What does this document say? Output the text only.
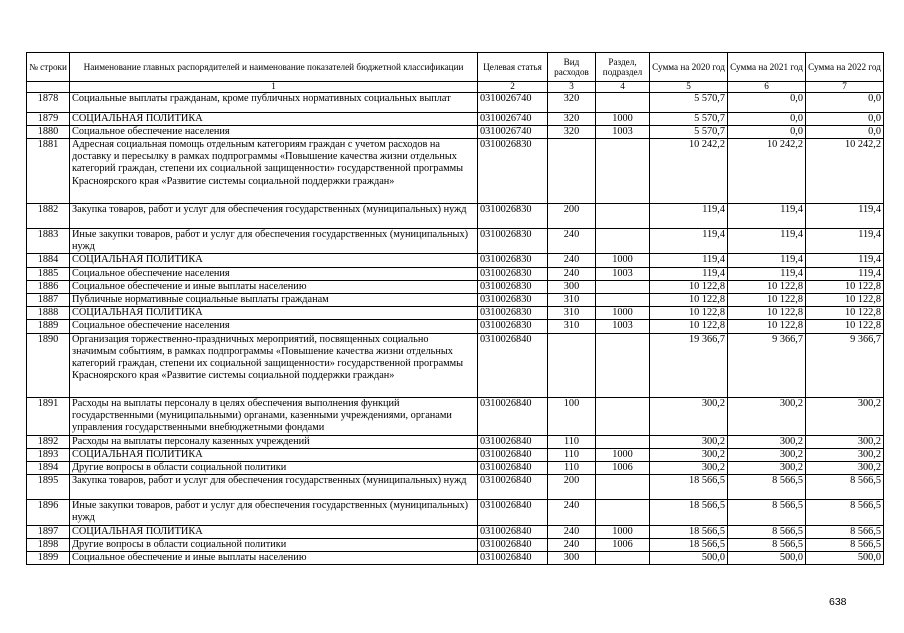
№ строки	Наименование главных распорядителей и наименование показателей бюджетной классификации	Целевая статья	Вид расходов	Раздел, подраздел	Сумма на 2020 год	Сумма на 2021 год	Сумма на 2022 год
	1	2	3	4	5	6	7
1878	Социальные выплаты гражданам, кроме публичных нормативных социальных выплат	0310026740	320		5 570,7	0,0	0,0
1879	СОЦИАЛЬНАЯ ПОЛИТИКА	0310026740	320	1000	5 570,7	0,0	0,0
1880	Социальное обеспечение населения	0310026740	320	1003	5 570,7	0,0	0,0
1881	Адресная социальная помощь отдельным категориям граждан с учетом расходов на доставку и пересылку в рамках подпрограммы «Повышение качества жизни отдельных категорий граждан, степени их социальной защищенности» государственной программы Красноярского края «Развитие системы социальной поддержки граждан»	0310026830			10 242,2	10 242,2	10 242,2
1882	Закупка товаров, работ и услуг для обеспечения государственных (муниципальных) нужд	0310026830	200		119,4	119,4	119,4
1883	Иные закупки товаров, работ и услуг для обеспечения государственных (муниципальных) нужд	0310026830	240		119,4	119,4	119,4
1884	СОЦИАЛЬНАЯ ПОЛИТИКА	0310026830	240	1000	119,4	119,4	119,4
1885	Социальное обеспечение населения	0310026830	240	1003	119,4	119,4	119,4
1886	Социальное обеспечение и иные выплаты населению	0310026830	300		10 122,8	10 122,8	10 122,8
1887	Публичные нормативные социальные выплаты гражданам	0310026830	310		10 122,8	10 122,8	10 122,8
1888	СОЦИАЛЬНАЯ ПОЛИТИКА	0310026830	310	1000	10 122,8	10 122,8	10 122,8
1889	Социальное обеспечение населения	0310026830	310	1003	10 122,8	10 122,8	10 122,8
1890	Организация торжественно-праздничных мероприятий, посвященных социально значимым событиям, в рамках подпрограммы «Повышение качества жизни отдельных категорий граждан, степени их социальной защищенности» государственной программы Красноярского края «Развитие системы социальной поддержки граждан»	0310026840			19 366,7	9 366,7	9 366,7
1891	Расходы на выплаты персоналу в целях обеспечения выполнения функций государственными (муниципальными) органами, казенными учреждениями, органами управления государственными внебюджетными фондами	0310026840	100		300,2	300,2	300,2
1892	Расходы на выплаты персоналу казенных учреждений	0310026840	110		300,2	300,2	300,2
1893	СОЦИАЛЬНАЯ ПОЛИТИКА	0310026840	110	1000	300,2	300,2	300,2
1894	Другие вопросы в области социальной политики	0310026840	110	1006	300,2	300,2	300,2
1895	Закупка товаров, работ и услуг для обеспечения государственных (муниципальных) нужд	0310026840	200		18 566,5	8 566,5	8 566,5
1896	Иные закупки товаров, работ и услуг для обеспечения государственных (муниципальных) нужд	0310026840	240		18 566,5	8 566,5	8 566,5
1897	СОЦИАЛЬНАЯ ПОЛИТИКА	0310026840	240	1000	18 566,5	8 566,5	8 566,5
1898	Другие вопросы в области социальной политики	0310026840	240	1006	18 566,5	8 566,5	8 566,5
1899	Социальное обеспечение и иные выплаты населению	0310026840	300		500,0	500,0	500,0
638
